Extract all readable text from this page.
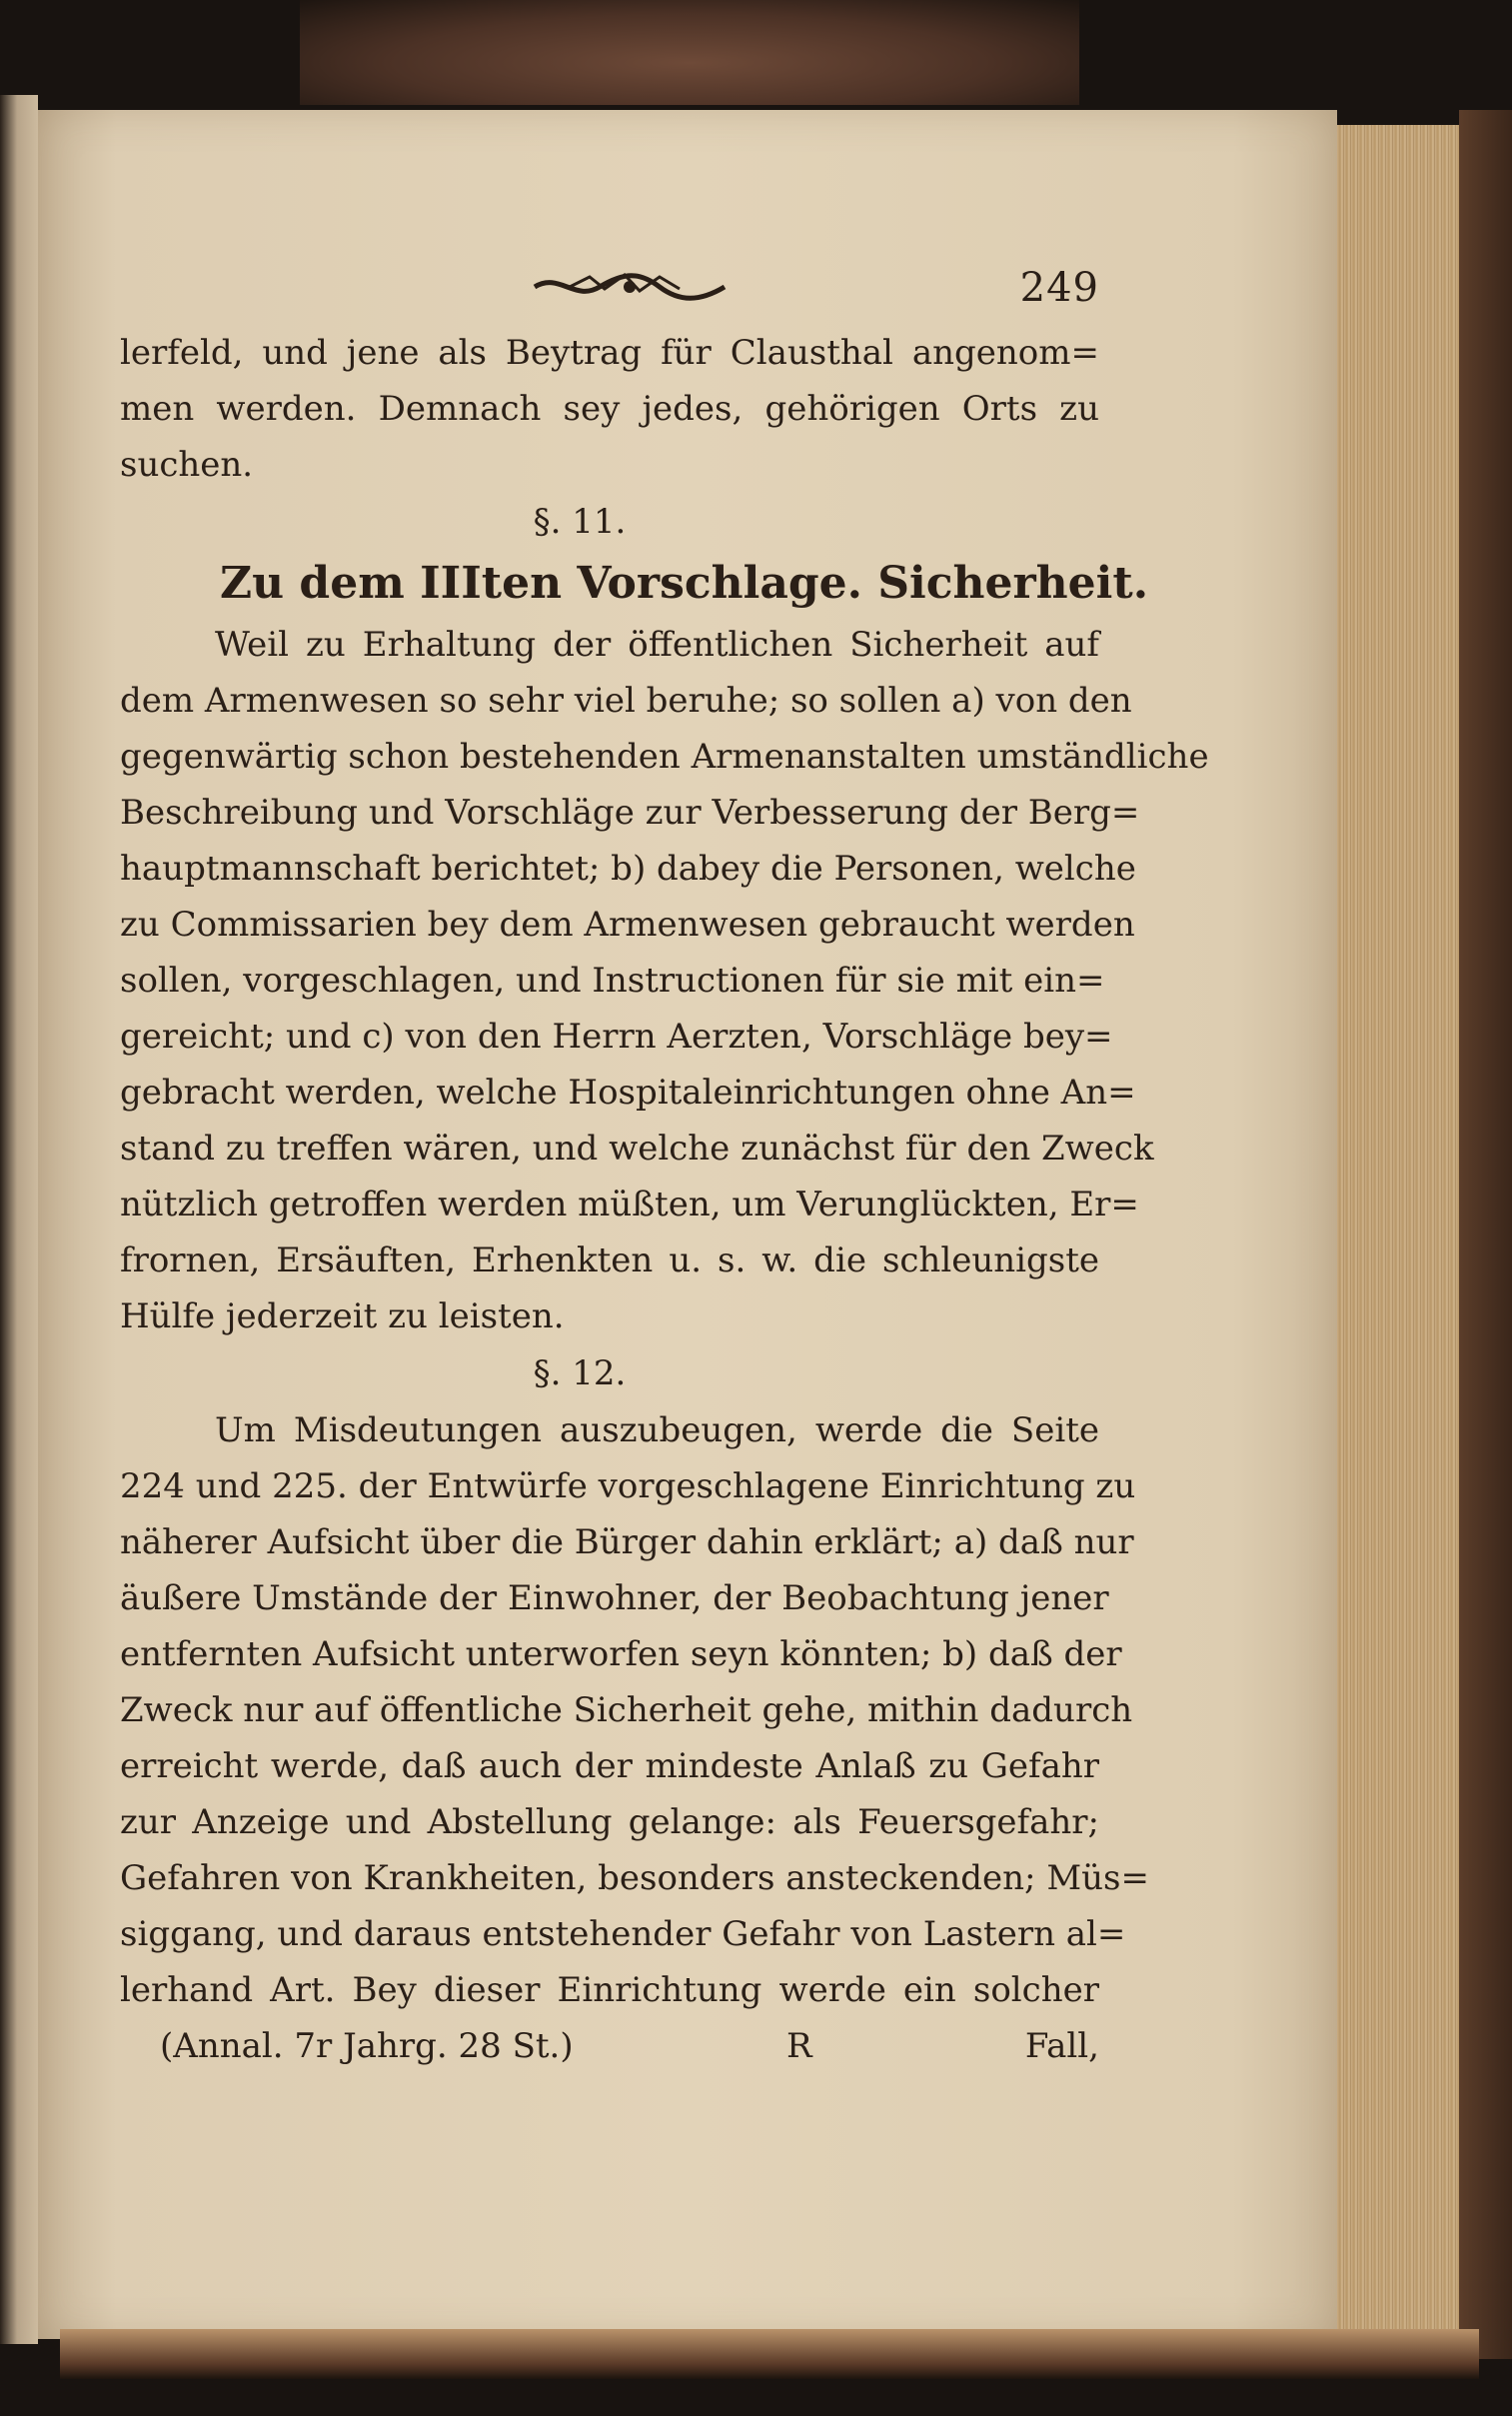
249
lerfeld, und jene als Beytrag für Clausthal angenom=
men werden. Demnach sey jedes, gehörigen Orts zu
suchen.
§. 11.
Zu dem IIIten Vorschlage. Sicherheit.
Weil zu Erhaltung der öffentlichen Sicherheit auf
dem Armenwesen so sehr viel beruhe; so sollen a) von den
gegenwärtig schon bestehenden Armenanstalten umständliche
Beschreibung und Vorschläge zur Verbesserung der Berg=
hauptmannschaft berichtet; b) dabey die Personen, welche
zu Commissarien bey dem Armenwesen gebraucht werden
sollen, vorgeschlagen, und Instructionen für sie mit ein=
gereicht; und c) von den Herrn Aerzten, Vorschläge bey=
gebracht werden, welche Hospitaleinrichtungen ohne An=
stand zu treffen wären, und welche zunächst für den Zweck
nützlich getroffen werden müßten, um Verunglückten, Er=
frornen, Ersäuften, Erhenkten u. s. w. die schleunigste
Hülfe jederzeit zu leisten.
§. 12.
Um Misdeutungen auszubeugen, werde die Seite
224 und 225. der Entwürfe vorgeschlagene Einrichtung zu
näherer Aufsicht über die Bürger dahin erklärt; a) daß nur
äußere Umstände der Einwohner, der Beobachtung jener
entfernten Aufsicht unterworfen seyn könnten; b) daß der
Zweck nur auf öffentliche Sicherheit gehe, mithin dadurch
erreicht werde, daß auch der mindeste Anlaß zu Gefahr
zur Anzeige und Abstellung gelange: als Feuersgefahr;
Gefahren von Krankheiten, besonders ansteckenden; Müs=
siggang, und daraus entstehender Gefahr von Lastern al=
lerhand Art. Bey dieser Einrichtung werde ein solcher
(Annal. 7r Jahrg. 28 St.)	R	Fall,
